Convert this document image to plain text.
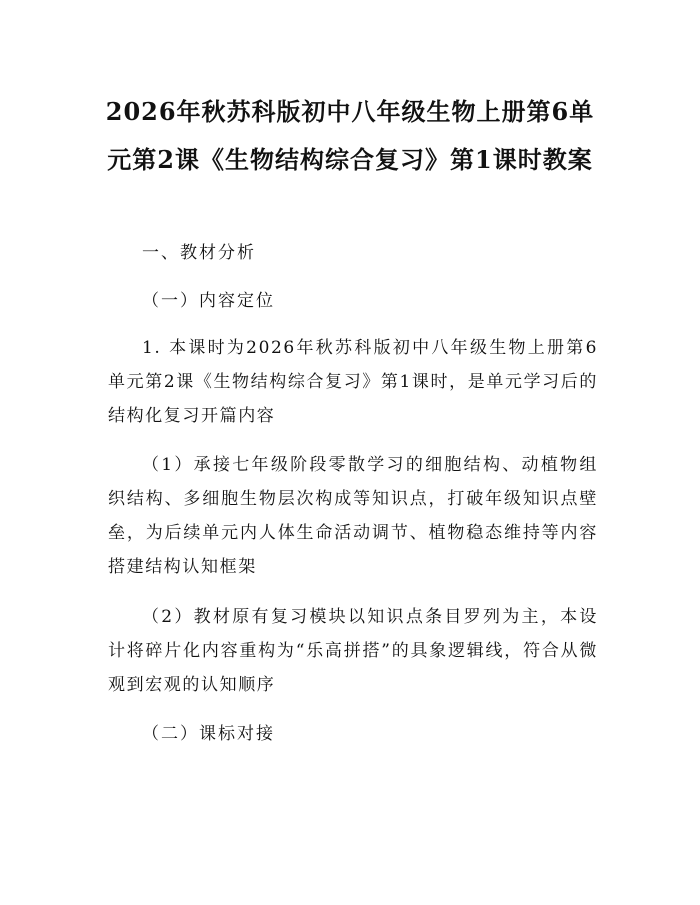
2026年秋苏科版初中八年级生物上册第6单元第2课《生物结构综合复习》第1课时教案
一、教材分析
（一）内容定位
1. 本课时为2026年秋苏科版初中八年级生物上册第6单元第2课《生物结构综合复习》第1课时，是单元学习后的结构化复习开篇内容
（1）承接七年级阶段零散学习的细胞结构、动植物组织结构、多细胞生物层次构成等知识点，打破年级知识点壁垒，为后续单元内人体生命活动调节、植物稳态维持等内容搭建结构认知框架
（2）教材原有复习模块以知识点条目罗列为主，本设计将碎片化内容重构为“乐高拼搭”的具象逻辑线，符合从微观到宏观的认知顺序
（二）课标对接
